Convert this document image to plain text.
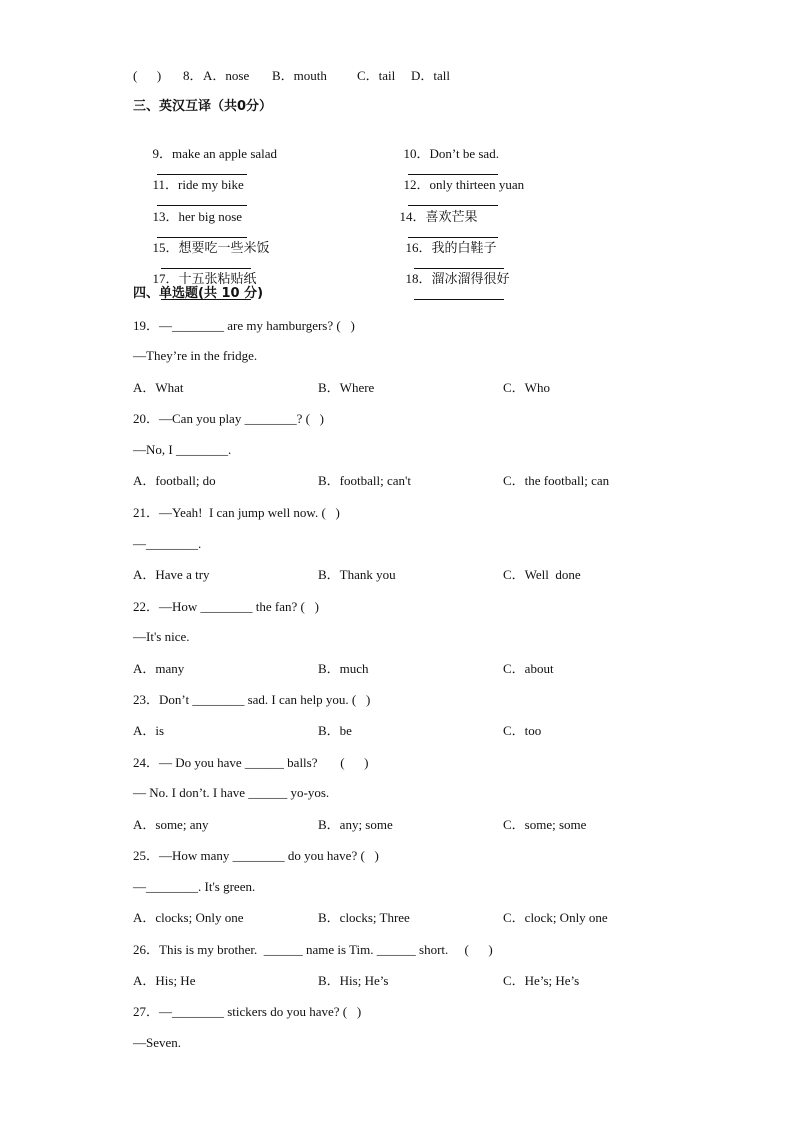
(      ) 8． A．nose B．mouth C．tail D．tall
三、英汉互译（共0分）

9．make an apple salad

	10．Don’t be sad.

11．ride my bike

	12．only thirteen yuan

13．her big nose

	14．喜欢芒果

15．想要吃一些米饭

	16．我的白鞋子

17．十五张粘贴纸

	18．溜冰溜得很好

四、单选题(共 10 分)
19．—________ are my hamburgers? (   )
—They’re in the fridge.
A．What	B．Where	C．Who
20．—Can you play ________? (   )
—No, I ________.
A．football; do	B．football; can't	C．the football; can
21．—Yeah!  I can jump well now. (   )
—________.
A．Have a try	B．Thank you	C．Well  done
22．—How ________ the fan? (   )
—It's nice.
A．many	B．much	C．about
23．Don’t ________ sad. I can help you. (   )
A．is	B．be	C．too
24．— Do you have ______ balls?       (      )
— No. I don’t. I have ______ yo-yos.
A．some; any	B．any; some	C．some; some
25．—How many ________ do you have? (   )
—________. It's green.
A．clocks; Only one	B．clocks; Three	C．clock; Only one
26．This is my brother.  ______ name is Tim. ______ short.     (      )
A．His; He	B．His; He’s	C．He’s; He’s
27．—________ stickers do you have? (   )
—Seven.
